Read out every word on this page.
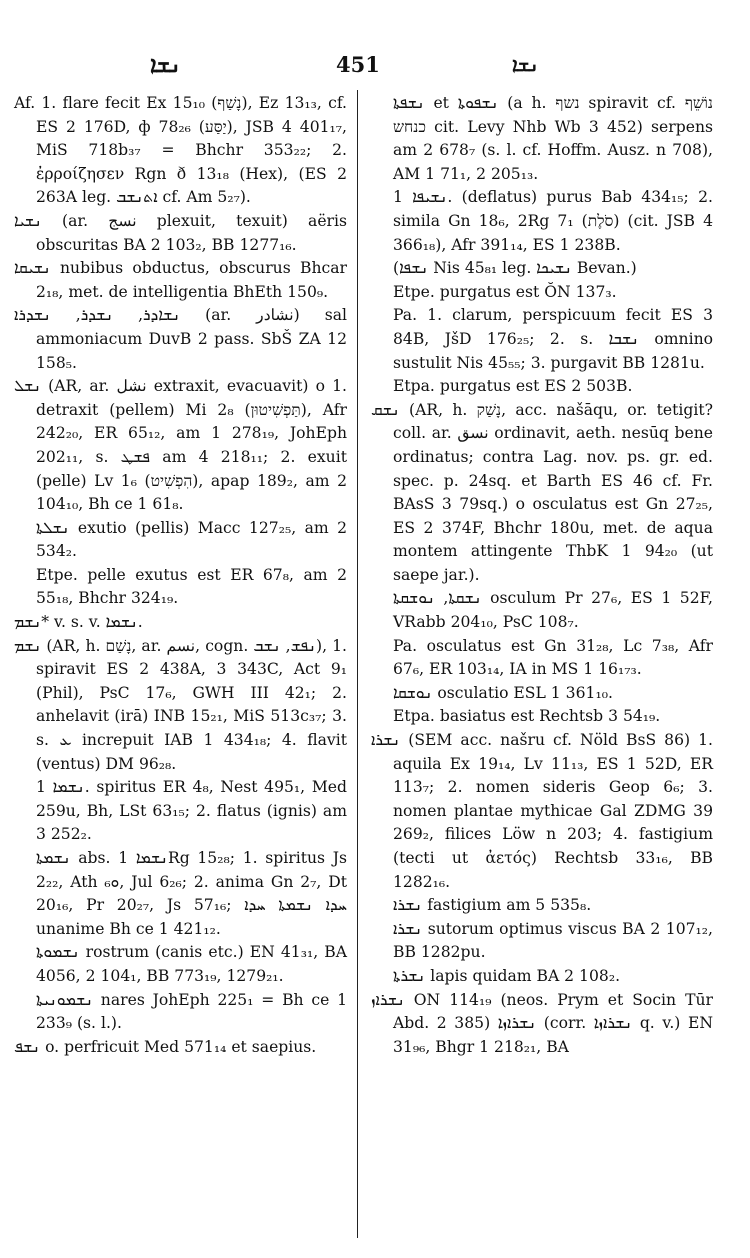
ܢܫܐ	451	ܢܫܐ

Af. 1. flare fecit Ex 15₁₀ (נָשַׁף), Ez 13₁₃, cf. ES 2 176D, ф 78₂₆ (יַסַּע), JSB 4 401₁₇, MiS 718b₃₇ = Bhchr 353₂₂; 2. ἐρροίζησεν Rgn ð 13₁₈ (Hex), (ES 2 263A leg. ܐܬܢܫܒ cf. Am 5₂₇).

ܢܫܝܐ (ar. نسج plexuit, texuit) aëris obscuritas BA 2 103₂, BB 1277₁₆.

ܢܫܝܩܐ nubibus obductus, obscurus Bhcar 2₁₈, met. de intelligentia BhEth 150₉.

ܢܫܐܕܪ, ܢܫܕܪ, ܢܫܕܪܐ (ar. نشادر) sal ammoniacum DuvB 2 pass. SbŠ ZA 12 158₅.

ܢܫܠ (AR, ar. نشل extraxit, evacuavit) o 1. detraxit (pellem) Mi 2₈ (תַּפְשִׁיטוּן), Afr 242₂₀, ER 65₁₂, am 1 278₁₉, JohEph 202₁₁, s. ܦܫܛ am 4 218₁₁; 2. exuit (pelle) Lv 1₆ (הִפְשִׁיט), apap 189₂, am 2 104₁₀, Bh ce 1 61₈.

ܢܫܠܬܐ exutio (pellis) Macc 127₂₅, am 2 534₂.

Etpe. pelle exutus est ER 67₈, am 2 55₁₈, Bhchr 324₁₉.

ܢܫܡ* v. s. v. ܢܫܡܐ.

ܢܫܡ (AR, h. נָשַׁם, ar. نسم, cogn. ܢܦܫ, ܢܫܒ), 1. spiravit ES 2 438A, 3 343C, Act 9₁ (Phil), PsC 17₆, GWH III 42₁; 2. anhelavit (irā) INB 15₂₁, MiS 513c₃₇; 3. s. ܥ increpuit IAB 1 434₁₈; 4. flavit (ventus) DM 96₂₈.

ܢܫܡܐ 1. spiritus ER 4₈, Nest 495₁, Med 259u, Bh, LSt 63₁₅; 2. flatus (ignis) am 3 252₂.

ܢܫܡܬܐ abs. ܢܫܡܐ 1Rg 15₂₈; 1. spiritus Js 2₂₂, Ath ܘ₆, Jul 6₂₆; 2. anima Gn 2₇, Dt 20₁₆, Pr 20₂₇, Js 57₁₆; ܚܕܐ ܢܫܡܬܐ ܚܕܐ unanime Bh ce 1 421₁₂.

ܢܫܡܘܬܐ rostrum (canis etc.) EN 41₃₁, BA 4056, 2 104₁, BB 773₁₉, 1279₂₁.

ܢܫܡܘܢܝܬܐ nares JohEph 225₁ = Bh ce 1 233₉ (s. l.).

ܢܫܦ o. perfricuit Med 571₁₄ et saepius.

ܢܫܦܬܐ et ܢܫܦܘܬܐ (a h. נשף spiravit cf. נוֹשֵׁף כנחש cit. Levy Nhb Wb 3 452) serpens am 2 678₇ (s. l. cf. Hoffm. Ausz. n 708), AM 1 71₁, 2 205₁₃.

ܢܫܝܦܐ 1. (deflatus) purus Bab 434₁₅; 2. simila Gn 18₆, 2Rg 7₁ (סֹלֶת) (cit. JSB 4 366₁₈), Afr 391₁₄, ES 1 238B.

(ܢܫܦܐ Nis 45₈₁ leg. ܢܫܝܟܐ Bevan.)

Etpe. purgatus est ŎN 137₃.

Pa. 1. clarum, perspicuum fecit ES 3 84B, JšD 176₂₅; 2. s. ܢܫܒܐ omnino sustulit Nis 45₅₅; 3. purgavit BB 1281u.

Etpa. purgatus est ES 2 503B.

ܢܫܩ (AR, h. נָשַׁק, acc. našāqu, or. tetigit? coll. ar. نسق ordinavit, aeth. nesūq bene ordinatus; contra Lag. nov. ps. gr. ed. spec. p. 24sq. et Barth ES 46 cf. Fr. BAsS 3 79sq.) o osculatus est Gn 27₂₅, ES 2 374F, Bhchr 180u, met. de aqua montem attingente ThbK 1 94₂₀ (ut saepe jar.).

ܢܫܩܬܐ, ܢܘܫܩܬܐ osculum Pr 27₆, ES 1 52F, VRabb 204₁₀, PsC 108₇.

Pa. osculatus est Gn 31₂₈, Lc 7₃₈, Afr 67₆, ER 103₁₄, IA in MS 1 16₁₇₃.

ܢܘܫܩܐ osculatio ESL 1 361₁₀.

Etpa. basiatus est Rechtsb 3 54₁₉.

ܢܫܪܐ (SEM acc. našru cf. Nöld BsS 86) 1. aquila Ex 19₁₄, Lv 11₁₃, ES 1 52D, ER 113₇; 2. nomen sideris Geop 6₆; 3. nomen plantae mythicae Gal ZDMG 39 269₂, filices Löw n 203; 4. fastigium (tecti ut ἀετός) Rechtsb 33₁₆, BB 1282₁₆.

ܢܫܪܐ fastigium am 5 535₈.

ܢܫܪܐ sutorum optimus viscus BA 2 107₁₂, BB 1282pu.

ܢܫܪܬܐ lapis quidam BA 2 108₂.

ܢܫܪܐܙ ON 114₁₉ (neos. Prym et Socin Tūr Abd. 2 385) ܢܫܪܐܙܐ (corr. ܢܫܪܐܙܐ q. v.) EN 31₉₆, Bhgr 1 218₂₁, BA
